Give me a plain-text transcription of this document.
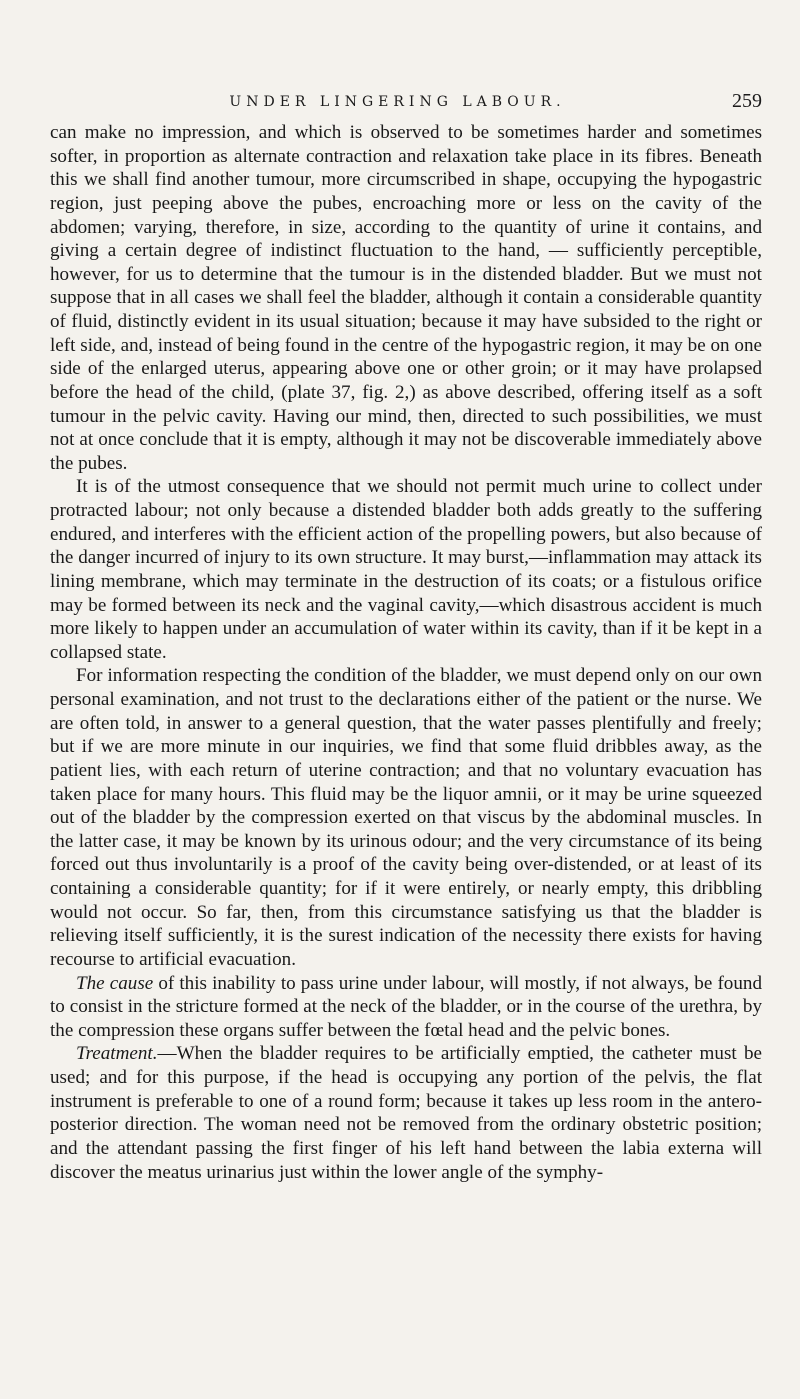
UNDER LINGERING LABOUR.	259

can make no impression, and which is observed to be sometimes harder and sometimes softer, in proportion as alternate contraction and relaxation take place in its fibres. Beneath this we shall find another tumour, more circumscribed in shape, occupying the hypogastric region, just peeping above the pubes, encroaching more or less on the cavity of the abdomen; varying, therefore, in size, according to the quantity of urine it contains, and giving a certain degree of indistinct fluctuation to the hand, — sufficiently perceptible, however, for us to determine that the tumour is in the distended bladder. But we must not suppose that in all cases we shall feel the bladder, although it contain a considerable quantity of fluid, distinctly evident in its usual situation; because it may have subsided to the right or left side, and, instead of being found in the centre of the hypogastric region, it may be on one side of the enlarged uterus, appearing above one or other groin; or it may have prolapsed before the head of the child, (plate 37, fig. 2,) as above described, offering itself as a soft tumour in the pelvic cavity. Having our mind, then, directed to such possibilities, we must not at once conclude that it is empty, although it may not be discoverable immediately above the pubes.

It is of the utmost consequence that we should not permit much urine to collect under protracted labour; not only because a distended bladder both adds greatly to the suffering endured, and interferes with the efficient action of the propelling powers, but also because of the danger incurred of injury to its own structure. It may burst,—inflammation may attack its lining membrane, which may terminate in the destruction of its coats; or a fistulous orifice may be formed between its neck and the vaginal cavity,—which disastrous accident is much more likely to happen under an accumulation of water within its cavity, than if it be kept in a collapsed state.

For information respecting the condition of the bladder, we must depend only on our own personal examination, and not trust to the declarations either of the patient or the nurse. We are often told, in answer to a general question, that the water passes plentifully and freely; but if we are more minute in our inquiries, we find that some fluid dribbles away, as the patient lies, with each return of uterine contraction; and that no voluntary evacuation has taken place for many hours. This fluid may be the liquor amnii, or it may be urine squeezed out of the bladder by the compression exerted on that viscus by the abdominal muscles. In the latter case, it may be known by its urinous odour; and the very circumstance of its being forced out thus involuntarily is a proof of the cavity being over-distended, or at least of its containing a considerable quantity; for if it were entirely, or nearly empty, this dribbling would not occur. So far, then, from this circumstance satisfying us that the bladder is relieving itself sufficiently, it is the surest indication of the necessity there exists for having recourse to artificial evacuation.

The cause of this inability to pass urine under labour, will mostly, if not always, be found to consist in the stricture formed at the neck of the bladder, or in the course of the urethra, by the compression these organs suffer between the fœtal head and the pelvic bones.

Treatment.—When the bladder requires to be artificially emptied, the catheter must be used; and for this purpose, if the head is occupying any portion of the pelvis, the flat instrument is preferable to one of a round form; because it takes up less room in the antero-posterior direction. The woman need not be removed from the ordinary obstetric position; and the attendant passing the first finger of his left hand between the labia externa will discover the meatus urinarius just within the lower angle of the symphy-
